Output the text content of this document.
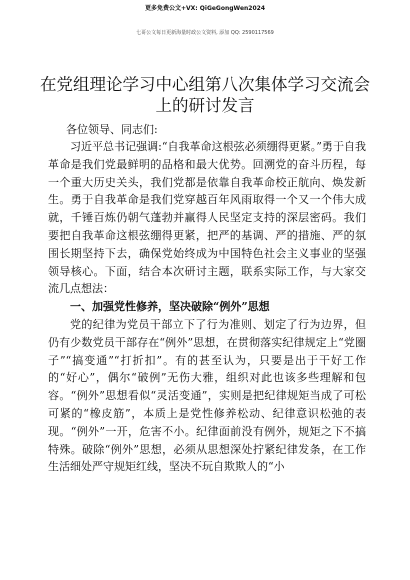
更多免费公文+VX: QiGeGongWen2024
七哥公文每日更新海量时政公文资料, 添加 QQ: 2590117569
在党组理论学习中心组第八次集体学习交流会上的研讨发言
各位领导、同志们:

习近平总书记强调:“自我革命这根弦必须绷得更紧。”勇于自我革命是我们党最鲜明的品格和最大优势。回溯党的奋斗历程，每一个重大历史关头，我们党都是依靠自我革命校正航向、焕发新生。勇于自我革命是我们党穿越百年风雨取得一个又一个伟大成就，千锤百炼仍朝气蓬勃并赢得人民坚定支持的深层密码。我们要把自我革命这根弦绷得更紧，把严的基调、严的措施、严的氛围长期坚持下去，确保党始终成为中国特色社会主义事业的坚强领导核心。下面，结合本次研讨主题，联系实际工作，与大家交流几点想法：

一、加强党性修养，坚决破除“例外”思想

党的纪律为党员干部立下了行为准则、划定了行为边界，但仍有少数党员干部存在“例外”思想，在贯彻落实纪律规定上“党圈子”“搞变通”“打折扣”。有的甚至认为，只要是出于干好工作的“好心”，偶尔“破例”无伤大雅，组织对此也该多些理解和包容。“例外”思想看似“灵活变通”，实则是把纪律规矩当成了可松可紧的“橡皮筋”，本质上是党性修养松动、纪律意识松弛的表现。“例外”一开，危害不小。纪律面前没有例外，规矩之下不搞特殊。破除“例外”思想，必须从思想深处拧紧纪律发条，在工作生活细处严守规矩红线，坚决不玩自欺欺人的“小
